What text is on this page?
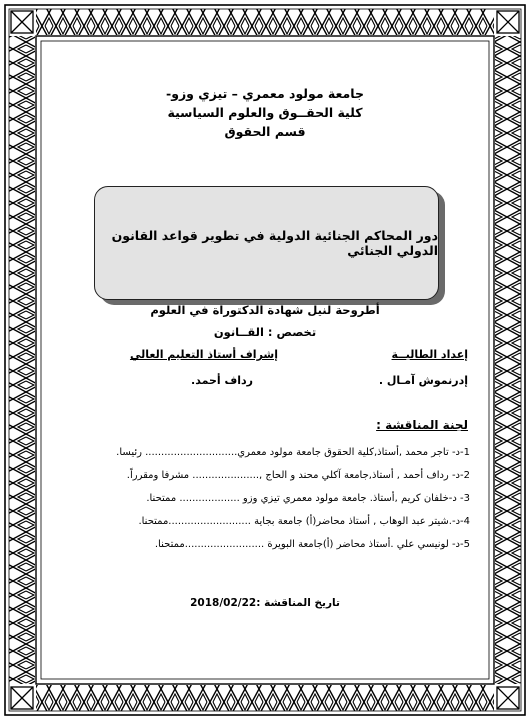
جامعة مولود معمري – تيزي وزو-
كلية الحقــوق والعلوم السياسية
قسم الحقوق
دور المحاكم الجنائية الدولية في تطوير قواعد القانون الدولي الجنائي
أطروحة لنيل شهادة الدكتوراة في العلوم
تخصص : القــانون
إعداد الطالبــة
إشراف أستاذ التعليم العالي
إدرنموش آمـال .
رداف أحمد.
لجنة المناقشة :
1-د- تاجر محمد ,أستاذ,كلية الحقوق جامعة مولود معمري............................. رئيسا.
2-د- رداف أحمد , أستاذ,جامعة آكلي محند و الحاج ,..................... مشرفا ومقرراً.
3- د-خلفان كريم ,أستاذ. جامعة مولود معمري تيزي وزو ................... ممتحنا.
4-د-.شيتر عبد الوهاب , أستاذ محاضر(أ) جامعة بجاية ..........................ممتحنا.
5-د- لونيسي علي .أستاذ محاضر (أ)جامعة البويرة .........................ممتحنا.
تاريخ المناقشة :2018/02/22
